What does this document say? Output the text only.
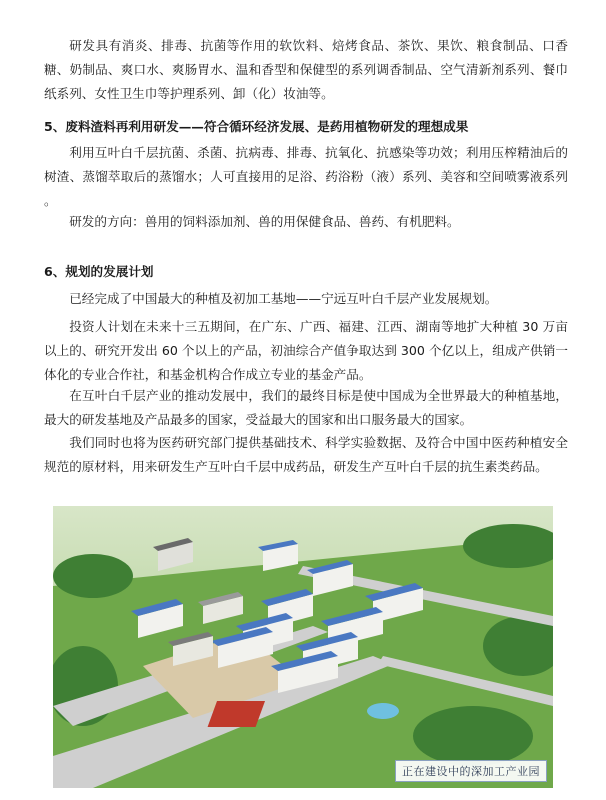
研发具有消炎、排毒、抗菌等作用的软饮料、焙烤食品、茶饮、果饮、粮食制品、口香糖、奶制品、爽口水、爽肠胃水、温和香型和保健型的系列调香制品、空气清新剂系列、餐巾纸系列、女性卫生巾等护理系列、卸（化）妆油等。

5、废料渣料再利用研发——符合循环经济发展、是药用植物研发的理想成果

利用互叶白千层抗菌、杀菌、抗病毒、排毒、抗氧化、抗感染等功效；利用压榨精油后的树渣、蒸馏萃取后的蒸馏水；人可直接用的足浴、药浴粉（液）系列、美容和空间喷雾液系列 。

研发的方向：兽用的饲料添加剂、兽的用保健食品、兽药、有机肥料。

6、规划的发展计划

已经完成了中国最大的种植及初加工基地——宁远互叶白千层产业发展规划。

投资人计划在未来十三五期间，在广东、广西、福建、江西、湖南等地扩大种植 30 万亩以上的、研究开发出 60 个以上的产品，初油综合产值争取达到 300 个亿以上，组成产供销一体化的专业合作社，和基金机构合作成立专业的基金产品。

在互叶白千层产业的推动发展中，我们的最终目标是使中国成为全世界最大的种植基地，最大的研发基地及产品最多的国家，受益最大的国家和出口服务最大的国家。

我们同时也将为医药研究部门提供基础技术、科学实验数据、及符合中国中医药种植安全规范的原材料，用来研发生产互叶白千层中成药品，研发生产互叶白千层的抗生素类药品。

正在建设中的深加工产业园
